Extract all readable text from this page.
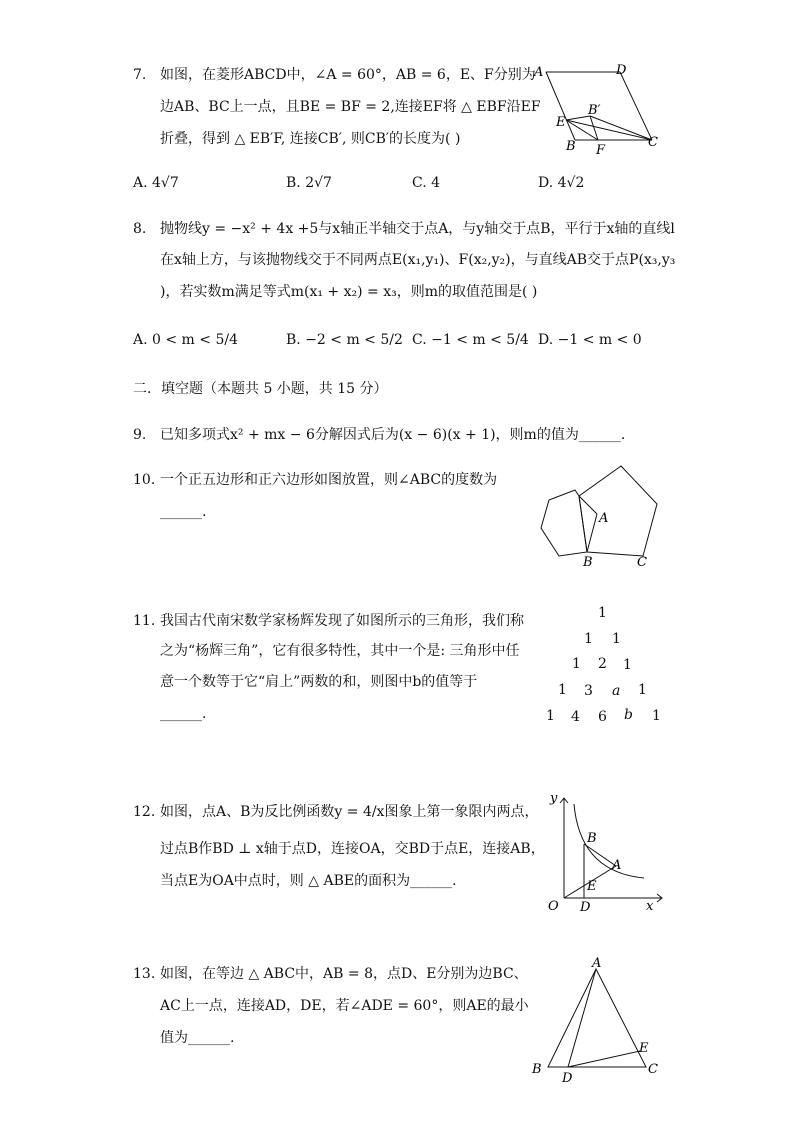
7. 如图，在菱形ABCD中，∠A = 60°，AB = 6，E、F分别为
边AB、BC上一点，且BE = BF = 2,连接EF将 △ EBF沿EF
折叠，得到 △ EB′F, 连接CB′, 则CB′的长度为( )
A	D
E
B′
B F
C
A. 4√7	B. 2√7	C. 4	D. 4√2
8. 抛物线y = −x² + 4x +5与x轴正半轴交于点A，与y轴交于点B，平行于x轴的直线l
在x轴上方，与该抛物线交于不同两点E(x₁,y₁)、F(x₂,y₂)，与直线AB交于点P(x₃,y₃
)，若实数m满足等式m(x₁ + x₂) = x₃，则m的取值范围是( )
A. 0 < m < 5/4	B. −2 < m < 5/2 C. −1 < m < 5/4 D. −1 < m < 0
二．填空题（本题共 5 小题，共 15 分）
9. 已知多项式x² + mx − 6分解因式后为(x − 6)(x + 1)，则m的值为______.
10. 一个正五边形和正六边形如图放置，则∠ABC的度数为
______.	A
B	C
11. 我国古代南宋数学家杨辉发现了如图所示的三角形，我们称
之为“杨辉三角”，它有很多特性，其中一个是: 三角形中任
意一个数等于它“肩上”两数的和，则图中b的值等于
______.
1
1 1
1 2 1
1 3 a 1
1 4 6 b 1
12. 如图，点A、B为反比例函数y = 4/x图象上第一象限内两点，
过点B作BD ⊥ x轴于点D，连接OA，交BD于点E，连接AB，
当点E为OA中点时，则 △ ABE的面积为______.
y
B
A
E
O D	x
13. 如图，在等边 △ ABC中，AB = 8，点D、E分别为边BC、
AC上一点，连接AD，DE，若∠ADE = 60°，则AE的最小
值为______.
A
B
D
E
C
